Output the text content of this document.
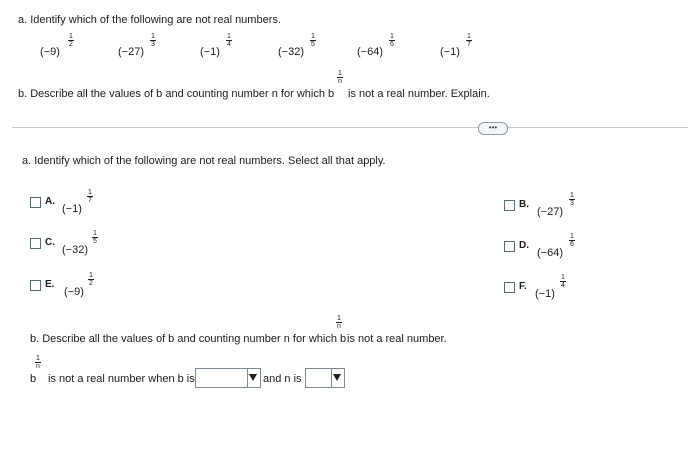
a. Identify which of the following are not real numbers.
(−9)
1
2
(−27)
1
3
(−1)
1
4
(−32)
1
5
(−64)
1
6
(−1)
1
7
b. Describe all the values of b and counting number n for which b
1
n
is not a real number. Explain.
•••
a. Identify which of the following are not real numbers. Select all that apply.
A.
(−1)
1
7	B.
(−27)
1
3
C.
(−32)
1
5	D.
(−64)
1
6
E.
(−9)
1
2	F.
(−1)
1
4
b. Describe all the values of b and counting number n for which b
1
n
is not a real number.
b
1
n
is not a real number when b is	and n is
